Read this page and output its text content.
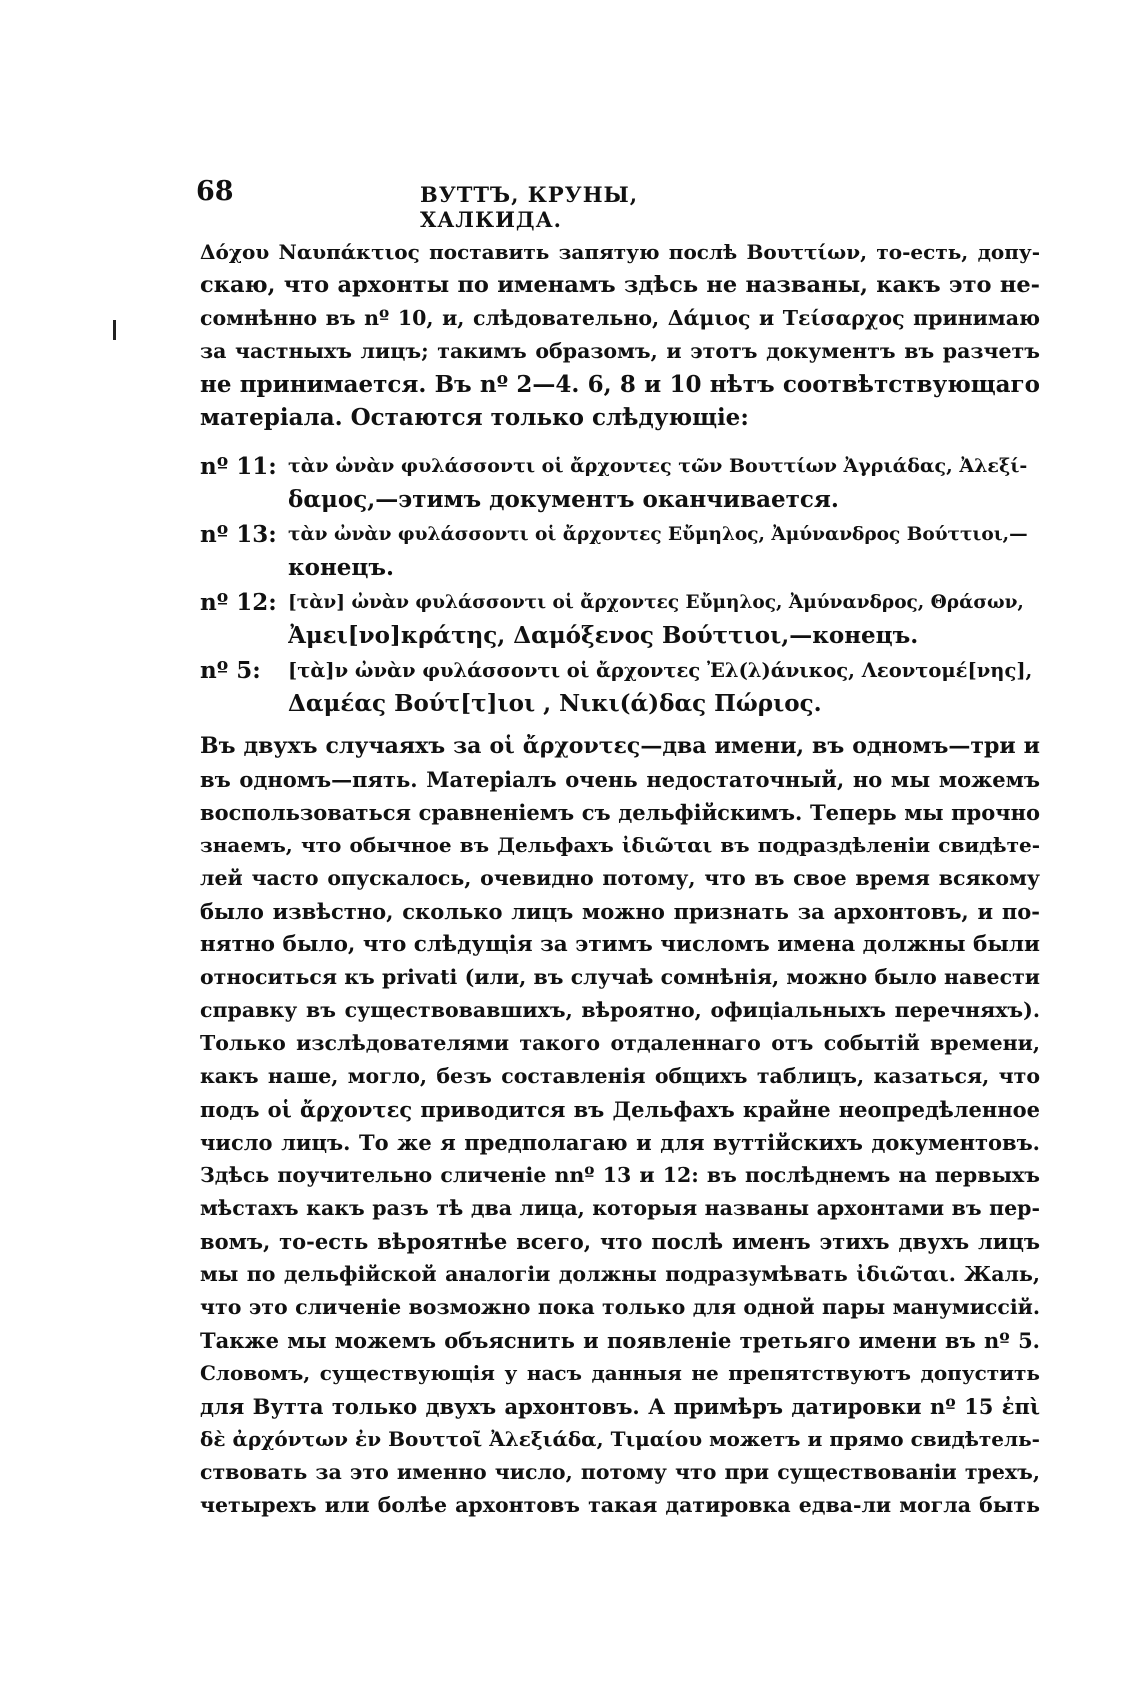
68	ВУТТЪ, КРУНЫ, ХАЛКИДА.
Δόχου Ναυπάκτιος поставить запятую послѣ Βουττίων, то-есть, допу-
скаю, что архонты по именамъ здѣсь не названы, какъ это не-
сомнѣнно въ nº 10, и, слѣдовательно, Δάμιος и Τείσαρχος принимаю
за частныхъ лицъ; такимъ образомъ, и этотъ документъ въ разчетъ
не принимается. Въ nº 2—4. 6, 8 и 10 нѣтъ соотвѣтствующаго
матеріала. Остаются только слѣдующіе:
nº 11: τὰν ὠνὰν φυλάσσοντι οἱ ἄρχοντες τῶν Βουττίων Ἀγριάδας, Ἀλεξί-
δαμος,—этимъ документъ оканчивается.
nº 13: τὰν ὠνὰν φυλάσσοντι οἱ ἄρχοντες Εὔμηλος, Ἀμύνανδρος Βούττιοι,—
конецъ.
nº 12: [τὰν] ὠνὰν φυλάσσοντι οἱ ἄρχοντες Εὔμηλος, Ἀμύνανδρος, Θράσων,
Ἀμει[νο]κράτης, Δαμόξενος Βούττιοι,—конецъ.
nº 5:	[τὰ]ν ὠνὰν φυλάσσοντι οἱ ἄρχοντες Ἐλ(λ)άνικος, Λεοντομέ[νης],
Δαμέας Βούτ[τ]ιοι , Νικι(ά)δας Πώριος.
Въ двухъ случаяхъ за οἱ ἄρχοντες—два имени, въ одномъ—три и
въ одномъ—пять. Матеріалъ очень недостаточный, но мы можемъ
воспользоваться сравненіемъ съ дельфійскимъ. Теперь мы прочно
знаемъ, что обычное въ Дельфахъ ἰδιῶται въ подраздѣленіи свидѣте-
лей часто опускалось, очевидно потому, что въ свое время всякому
было извѣстно, сколько лицъ можно признать за архонтовъ, и по-
нятно было, что слѣдущія за этимъ числомъ имена должны были
относиться къ privati (или, въ случаѣ сомнѣнія, можно было навести
справку въ существовавшихъ, вѣроятно, офиціальныхъ перечняхъ).
Только изслѣдователями такого отдаленнаго отъ событій времени,
какъ наше, могло, безъ составленія общихъ таблицъ, казаться, что
подъ οἱ ἄρχοντες приводится въ Дельфахъ крайне неопредѣленное
число лицъ. То же я предполагаю и для вуттійскихъ документовъ.
Здѣсь поучительно сличеніе nnº 13 и 12: въ послѣднемъ на первыхъ
мѣстахъ какъ разъ тѣ два лица, которыя названы архонтами въ пер-
вомъ, то-есть вѣроятнѣе всего, что послѣ именъ этихъ двухъ лицъ
мы по дельфійской аналогіи должны подразумѣвать ἰδιῶται. Жаль,
что это сличеніе возможно пока только для одной пары манумиссій.
Также мы можемъ объяснить и появленіе третьяго имени въ nº 5.
Словомъ, существующія у насъ данныя не препятствуютъ допустить
для Вутта только двухъ архонтовъ. А примѣръ датировки nº 15 ἐπὶ
δὲ ἀρχόντων ἐν Βουττοῖ Ἀλεξιάδα, Τιμαίου можетъ и прямо свидѣтель-
ствовать за это именно число, потому что при существованіи трехъ,
четырехъ или болѣе архонтовъ такая датировка едва-ли могла быть
